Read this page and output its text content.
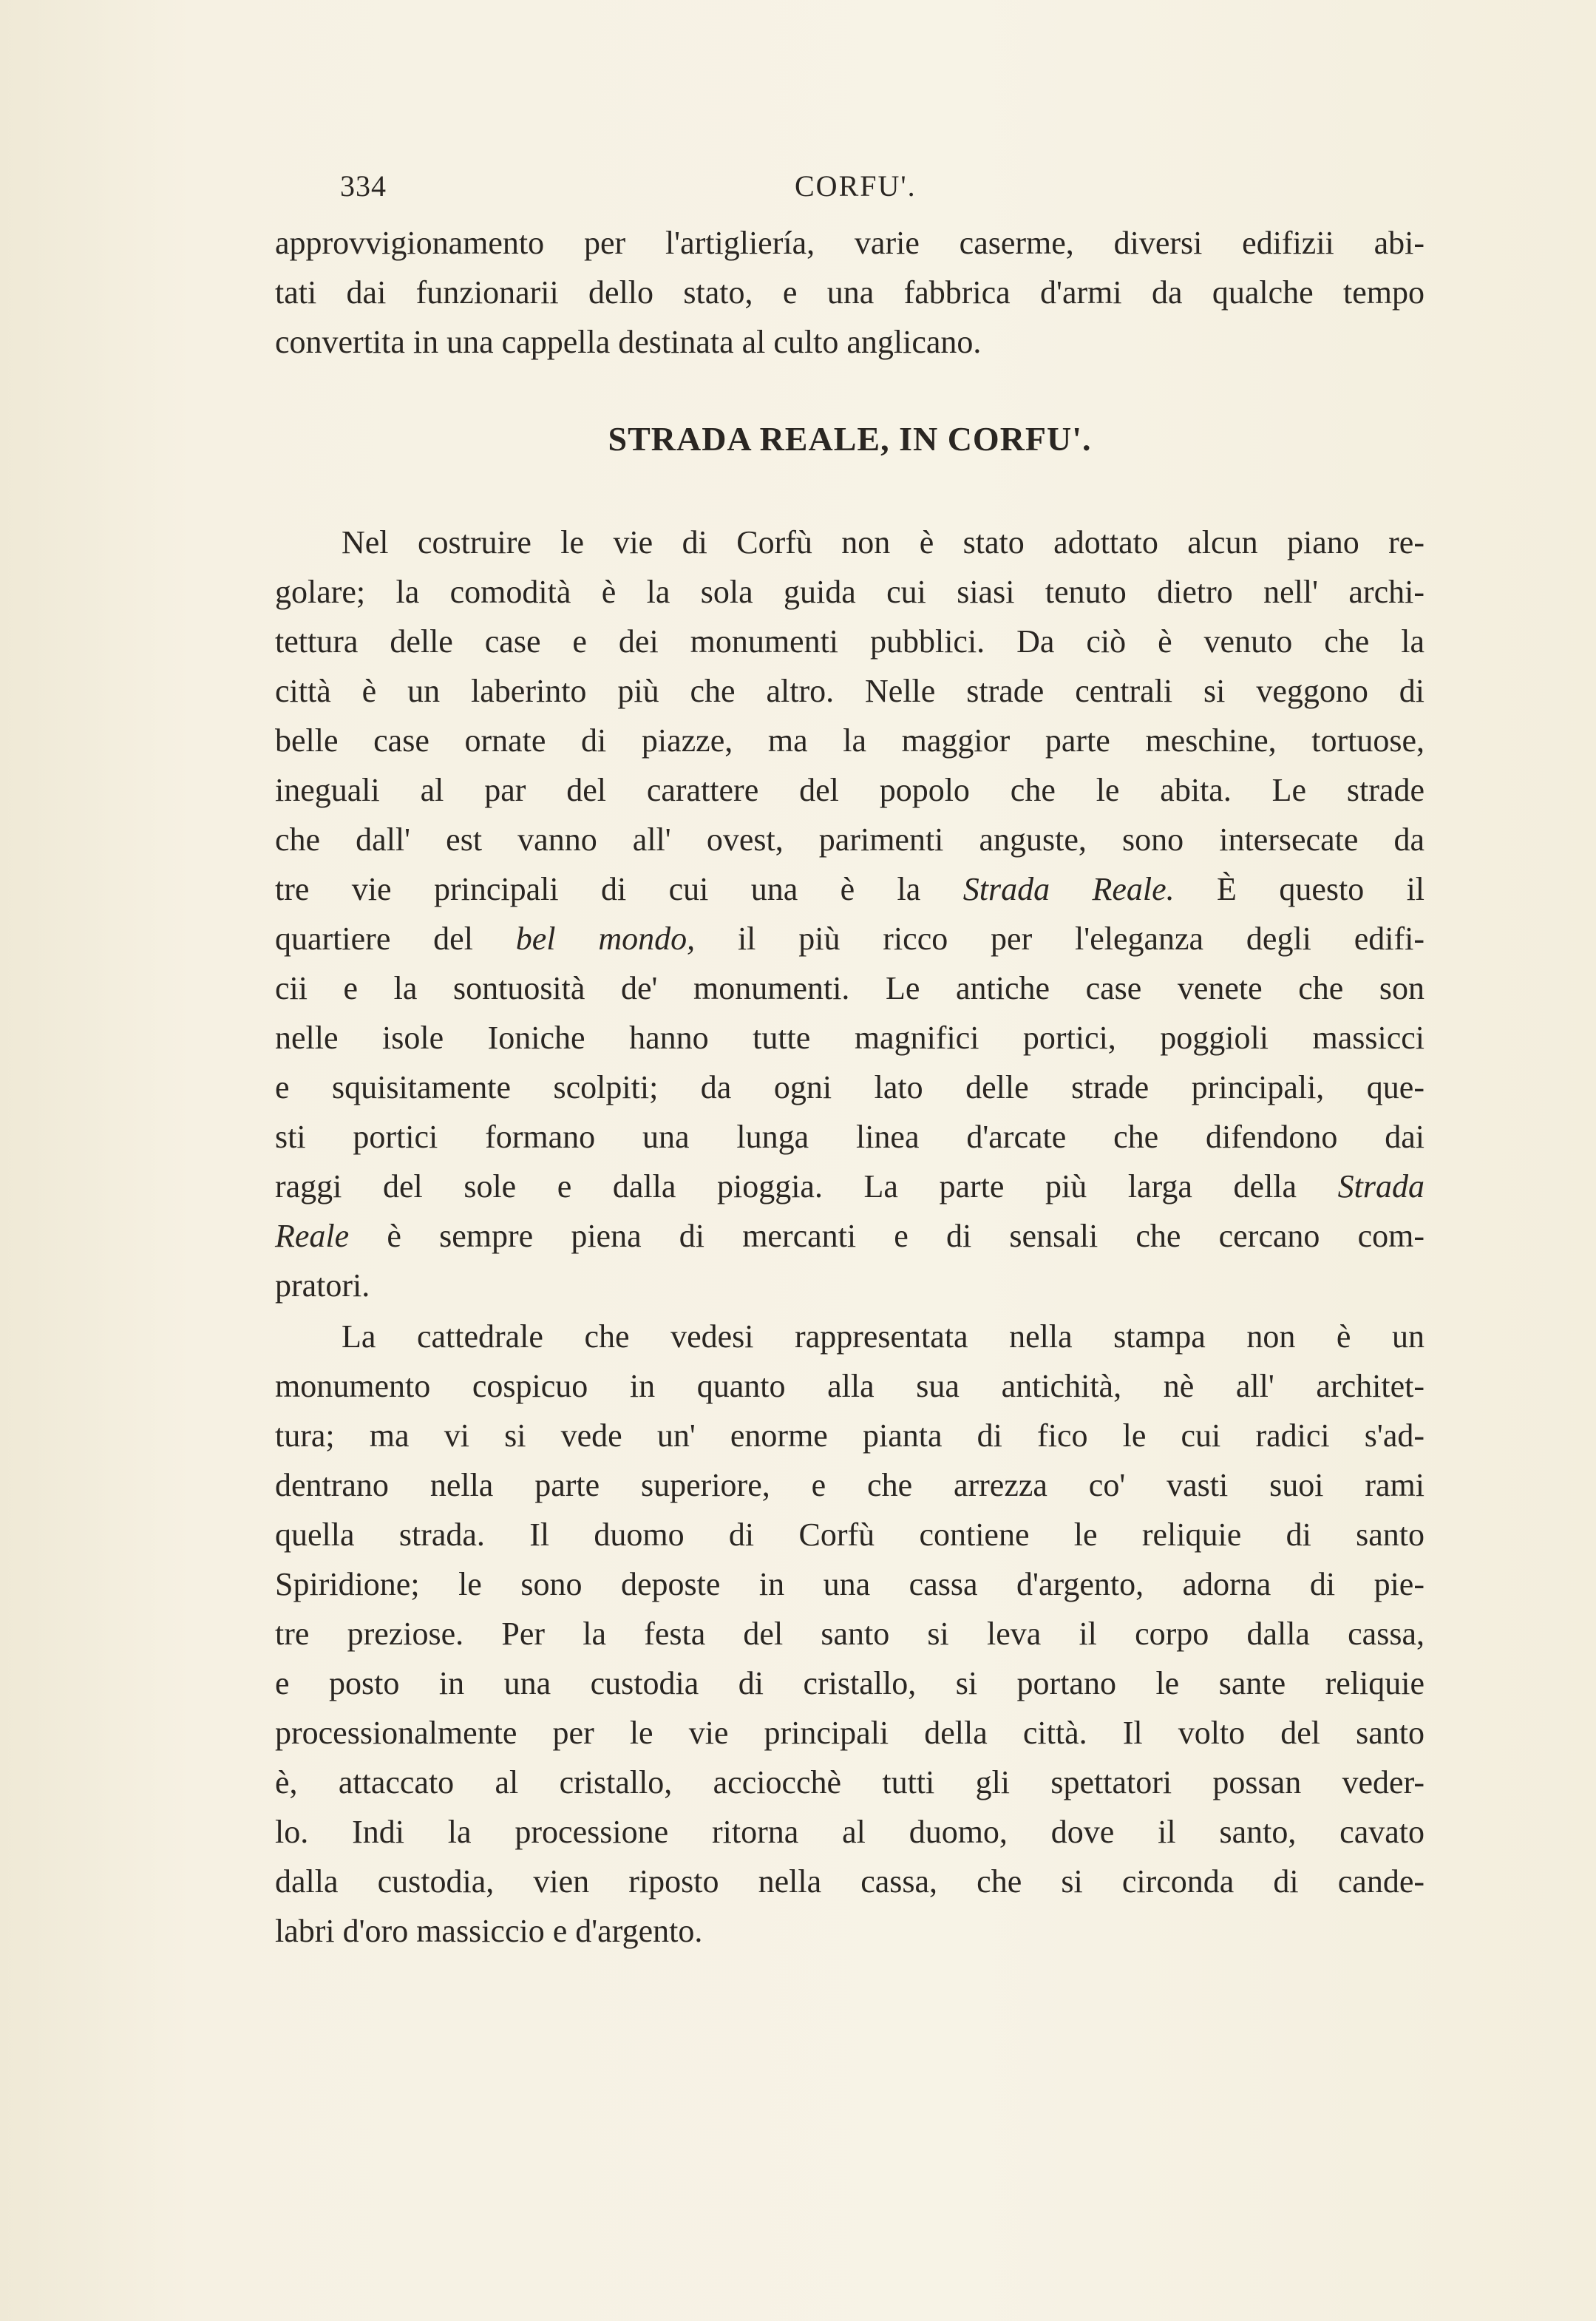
334	CORFU'.
approvvigionamento per l'artigliería, varie caserme, diversi edifizii abi-
tati dai funzionarii dello stato, e una fabbrica d'armi da qualche tempo
convertita in una cappella destinata al culto anglicano.
STRADA REALE, IN CORFU'.
Nel costruire le vie di Corfù non è stato adottato alcun piano re-
golare; la comodità è la sola guida cui siasi tenuto dietro nell' archi-
tettura delle case e dei monumenti pubblici. Da ciò è venuto che la
città è un laberinto più che altro. Nelle strade centrali si veggono di
belle case ornate di piazze, ma la maggior parte meschine, tortuose,
ineguali al par del carattere del popolo che le abita. Le strade
che dall' est vanno all' ovest, parimenti anguste, sono intersecate da
tre vie principali di cui una è la Strada Reale. È questo il
quartiere del bel mondo, il più ricco per l'eleganza degli edifi-
cii e la sontuosità de' monumenti. Le antiche case venete che son
nelle isole Ioniche hanno tutte magnifici portici, poggioli massicci
e squisitamente scolpiti; da ogni lato delle strade principali, que-
sti portici formano una lunga linea d'arcate che difendono dai
raggi del sole e dalla pioggia. La parte più larga della Strada
Reale è sempre piena di mercanti e di sensali che cercano com-
pratori.
La cattedrale che vedesi rappresentata nella stampa non è un
monumento cospicuo in quanto alla sua antichità, nè all' architet-
tura; ma vi si vede un' enorme pianta di fico le cui radici s'ad-
dentrano nella parte superiore, e che arrezza co' vasti suoi rami
quella strada. Il duomo di Corfù contiene le reliquie di santo
Spiridione; le sono deposte in una cassa d'argento, adorna di pie-
tre preziose. Per la festa del santo si leva il corpo dalla cassa,
e posto in una custodia di cristallo, si portano le sante reliquie
processionalmente per le vie principali della città. Il volto del santo
è, attaccato al cristallo, acciocchè tutti gli spettatori possan veder-
lo. Indi la processione ritorna al duomo, dove il santo, cavato
dalla custodia, vien riposto nella cassa, che si circonda di cande-
labri d'oro massiccio e d'argento.
